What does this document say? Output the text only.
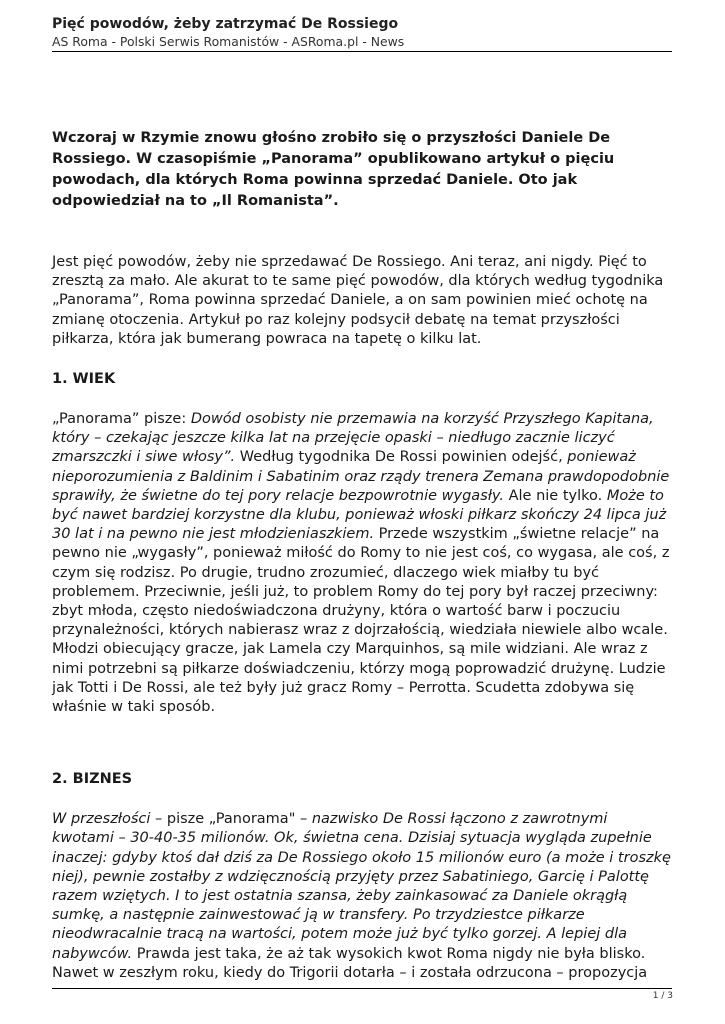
Pięć powodów, żeby zatrzymać De Rossiego
AS Roma - Polski Serwis Romanistów - ASRoma.pl - News

Wczoraj w Rzymie znowu głośno zrobiło się o przyszłości Daniele De Rossiego. W czasopiśmie „Panorama” opublikowano artykuł o pięciu powodach, dla których Roma powinna sprzedać Daniele. Oto jak odpowiedział na to „Il Romanista”.

Jest pięć powodów, żeby nie sprzedawać De Rossiego. Ani teraz, ani nigdy. Pięć to zresztą za mało. Ale akurat to te same pięć powodów, dla których według tygodnika „Panorama”, Roma powinna sprzedać Daniele, a on sam powinien mieć ochotę na zmianę otoczenia. Artykuł po raz kolejny podsycił debatę na temat przyszłości piłkarza, która jak bumerang powraca na tapetę o kilku lat.

1. WIEK

„Panorama” pisze: Dowód osobisty nie przemawia na korzyść Przyszłego Kapitana, który – czekając jeszcze kilka lat na przejęcie opaski – niedługo zacznie liczyć zmarszczki i siwe włosy”. Według tygodnika De Rossi powinien odejść, ponieważ nieporozumienia z Baldinim i Sabatinim oraz rządy trenera Zemana prawdopodobnie sprawiły, że świetne do tej pory relacje bezpowrotnie wygasły. Ale nie tylko. Może to być nawet bardziej korzystne dla klubu, ponieważ włoski piłkarz skończy 24 lipca już 30 lat i na pewno nie jest młodzieniaszkiem. Przede wszystkim „świetne relacje” na pewno nie „wygasły”, ponieważ miłość do Romy to nie jest coś, co wygasa, ale coś, z czym się rodzisz. Po drugie, trudno zrozumieć, dlaczego wiek miałby tu być problemem. Przeciwnie, jeśli już, to problem Romy do tej pory był raczej przeciwny: zbyt młoda, często niedoświadczona drużyny, która o wartość barw i poczuciu przynależności, których nabierasz wraz z dojrzałością, wiedziała niewiele albo wcale. Młodzi obiecujący gracze, jak Lamela czy Marquinhos, są mile widziani. Ale wraz z nimi potrzebni są piłkarze doświadczeniu, którzy mogą poprowadzić drużynę. Ludzie jak Totti i De Rossi, ale też były już gracz Romy – Perrotta. Scudetta zdobywa się właśnie w taki sposób.

2. BIZNES

W przeszłości – pisze „Panorama" – nazwisko De Rossi łączono z zawrotnymi kwotami – 30-40-35 milionów. Ok, świetna cena. Dzisiaj sytuacja wygląda zupełnie inaczej: gdyby ktoś dał dziś za De Rossiego około 15 milionów euro (a może i troszkę niej), pewnie zostałby z wdzięcznością przyjęty przez Sabatiniego, Garcię i Palottę razem wziętych. I to jest ostatnia szansa, żeby zainkasować za Daniele okrągłą sumkę, a następnie zainwestować ją w transfery. Po trzydziestce piłkarze nieodwracalnie tracą na wartości, potem może już być tylko gorzej. A lepiej dla nabywców. Prawda jest taka, że aż tak wysokich kwot Roma nigdy nie była blisko. Nawet w zeszłym roku, kiedy do Trigorii dotarła – i została odrzucona – propozycja

1 / 3
